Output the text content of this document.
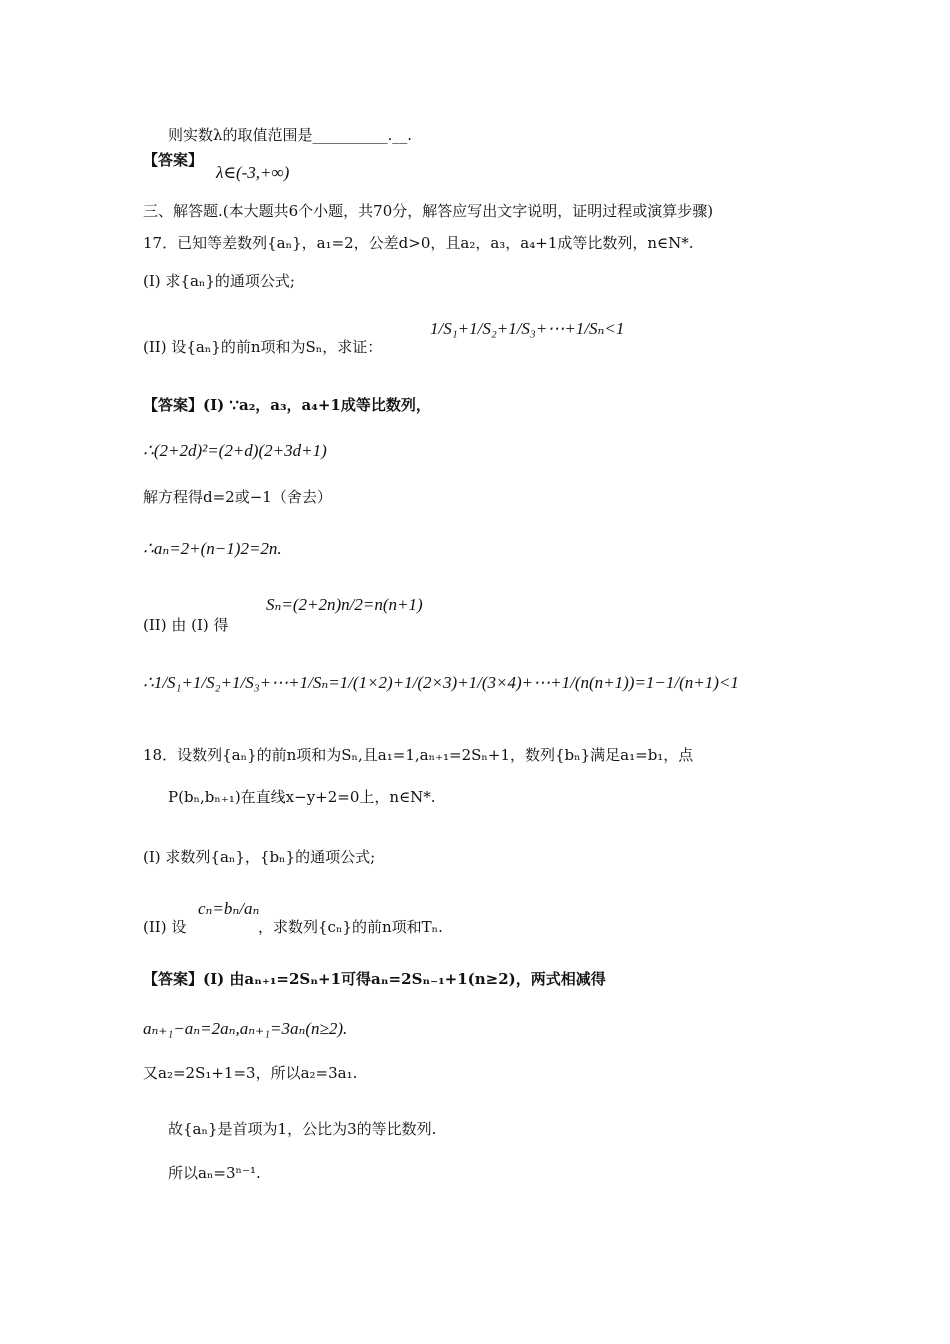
则实数λ的取值范围是__________.__.
【答案】
λ∈(-3,+∞)
三、解答题.(本大题共6个小题，共70分，解答应写出文字说明，证明过程或演算步骤)
17．已知等差数列{aₙ}，a₁=2，公差d>0，且a₂，a₃，a₄+1成等比数列，n∈N*.
(I) 求{aₙ}的通项公式;
(II) 设{aₙ}的前n项和为Sₙ，求证：
1/S₁+1/S₂+1/S₃+⋯+1/Sₙ<1
【答案】(Ⅰ) ∵a₂，a₃，a₄+1成等比数列，
∴(2+2d)²=(2+d)(2+3d+1)
解方程得d=2或−1（舍去）
∴aₙ=2+(n−1)2=2n.
(II) 由 (Ⅰ) 得
Sₙ=(2+2n)n/2=n(n+1)
∴1/S₁+1/S₂+1/S₃+⋯+1/Sₙ=1/(1×2)+1/(2×3)+1/(3×4)+⋯+1/(n(n+1))=1−1/(n+1)<1
18．设数列{aₙ}的前n项和为Sₙ,且a₁=1,aₙ₊₁=2Sₙ+1，数列{bₙ}满足a₁=b₁，点
P(bₙ,bₙ₊₁)在直线x−y+2=0上，n∈N*.
(I) 求数列{aₙ}，{bₙ}的通项公式;
(II) 设
cₙ=bₙ/aₙ
，求数列{cₙ}的前n项和Tₙ.
【答案】(Ⅰ) 由aₙ₊₁=2Sₙ+1可得aₙ=2Sₙ₋₁+1(n≥2)，两式相减得
aₙ₊₁−aₙ=2aₙ,aₙ₊₁=3aₙ(n≥2).
又a₂=2S₁+1=3，所以a₂=3a₁.
故{aₙ}是首项为1，公比为3的等比数列.
所以aₙ=3ⁿ⁻¹.
